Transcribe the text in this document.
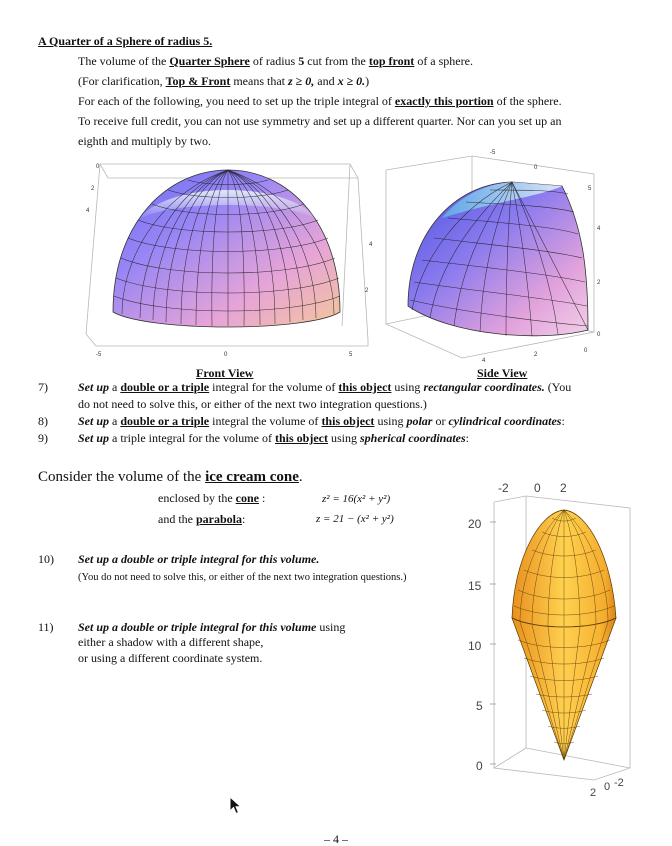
A Quarter of a Sphere of radius 5.
The volume of the Quarter Sphere of radius 5 cut from the top front of a sphere.
(For clarification, Top & Front means that z ≥ 0, and x ≥ 0.)
For each of the following, you need to set up the triple integral of exactly this portion of the sphere.
To receive full credit, you can not use symmetry and set up a different quarter. Nor can you set up an
eighth and multiply by two.
0
2
4
4
2
-5	0	5
-5
0
5
4
2
0
4
2
0
Front View	Side View
7)	Set up a double or a triple integral for the volume of this object using rectangular coordinates. (You
do not need to solve this, or either of the next two integration questions.)
8)	Set up a double or a triple integral the volume of this object using polar or cylindrical coordinates:
9)	Set up a triple integral for the volume of this object using spherical coordinates:
Consider the volume of the ice cream cone.
enclosed by the cone :	z² = 16(x² + y²)
and the parabola:	z = 21 − (x² + y²)
10) Set up a double or triple integral for this volume.
(You do not need to solve this, or either of the next two integration questions.)
11) Set up a double or triple integral for this volume using
either a shadow with a different shape,
or using a different coordinate system.
-2 0 2
20
15
10
5
0
2 0 -2
– 4 –
